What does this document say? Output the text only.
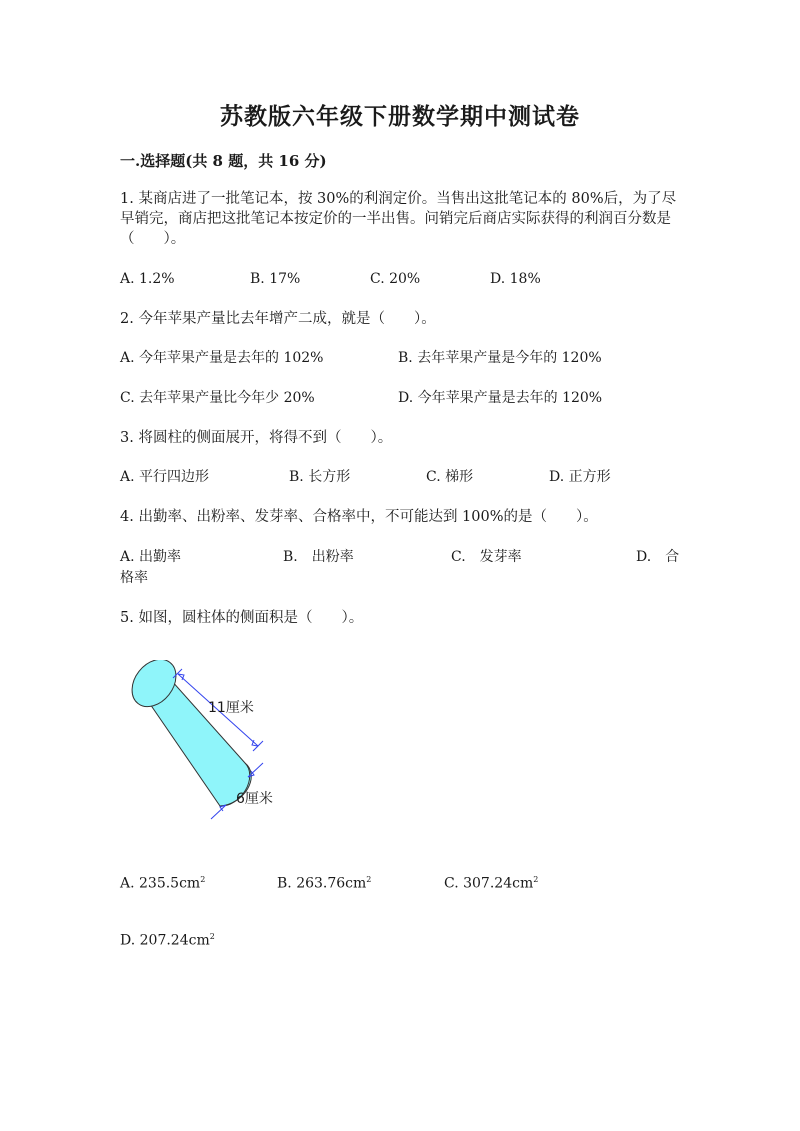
苏教版六年级下册数学期中测试卷
一.选择题(共 8 题，共 16 分)
1. 某商店进了一批笔记本，按 30%的利润定价。当售出这批笔记本的 80%后，为了尽早销完，商店把这批笔记本按定价的一半出售。问销完后商店实际获得的利润百分数是（　　）。
A. 1.2%	B. 17%	C. 20%	D. 18%
2. 今年苹果产量比去年增产二成，就是（　　）。
A. 今年苹果产量是去年的 102%	B. 去年苹果产量是今年的 120%
C. 去年苹果产量比今年少 20%	D. 今年苹果产量是去年的 120%
3. 将圆柱的侧面展开，将得不到（　　）。
A. 平行四边形	B. 长方形	C. 梯形	D. 正方形
4. 出勤率、出粉率、发芽率、合格率中，不可能达到 100%的是（　　）。
A. 出勤率	B.　出粉率	C.　发芽率	D.　合
格率
5. 如图，圆柱体的侧面积是（　　）。
11厘米
6厘米
A. $235.5cm^2$	B. $263.76cm^2$	C. $307.24cm^2$
D. $207.24cm^2$
